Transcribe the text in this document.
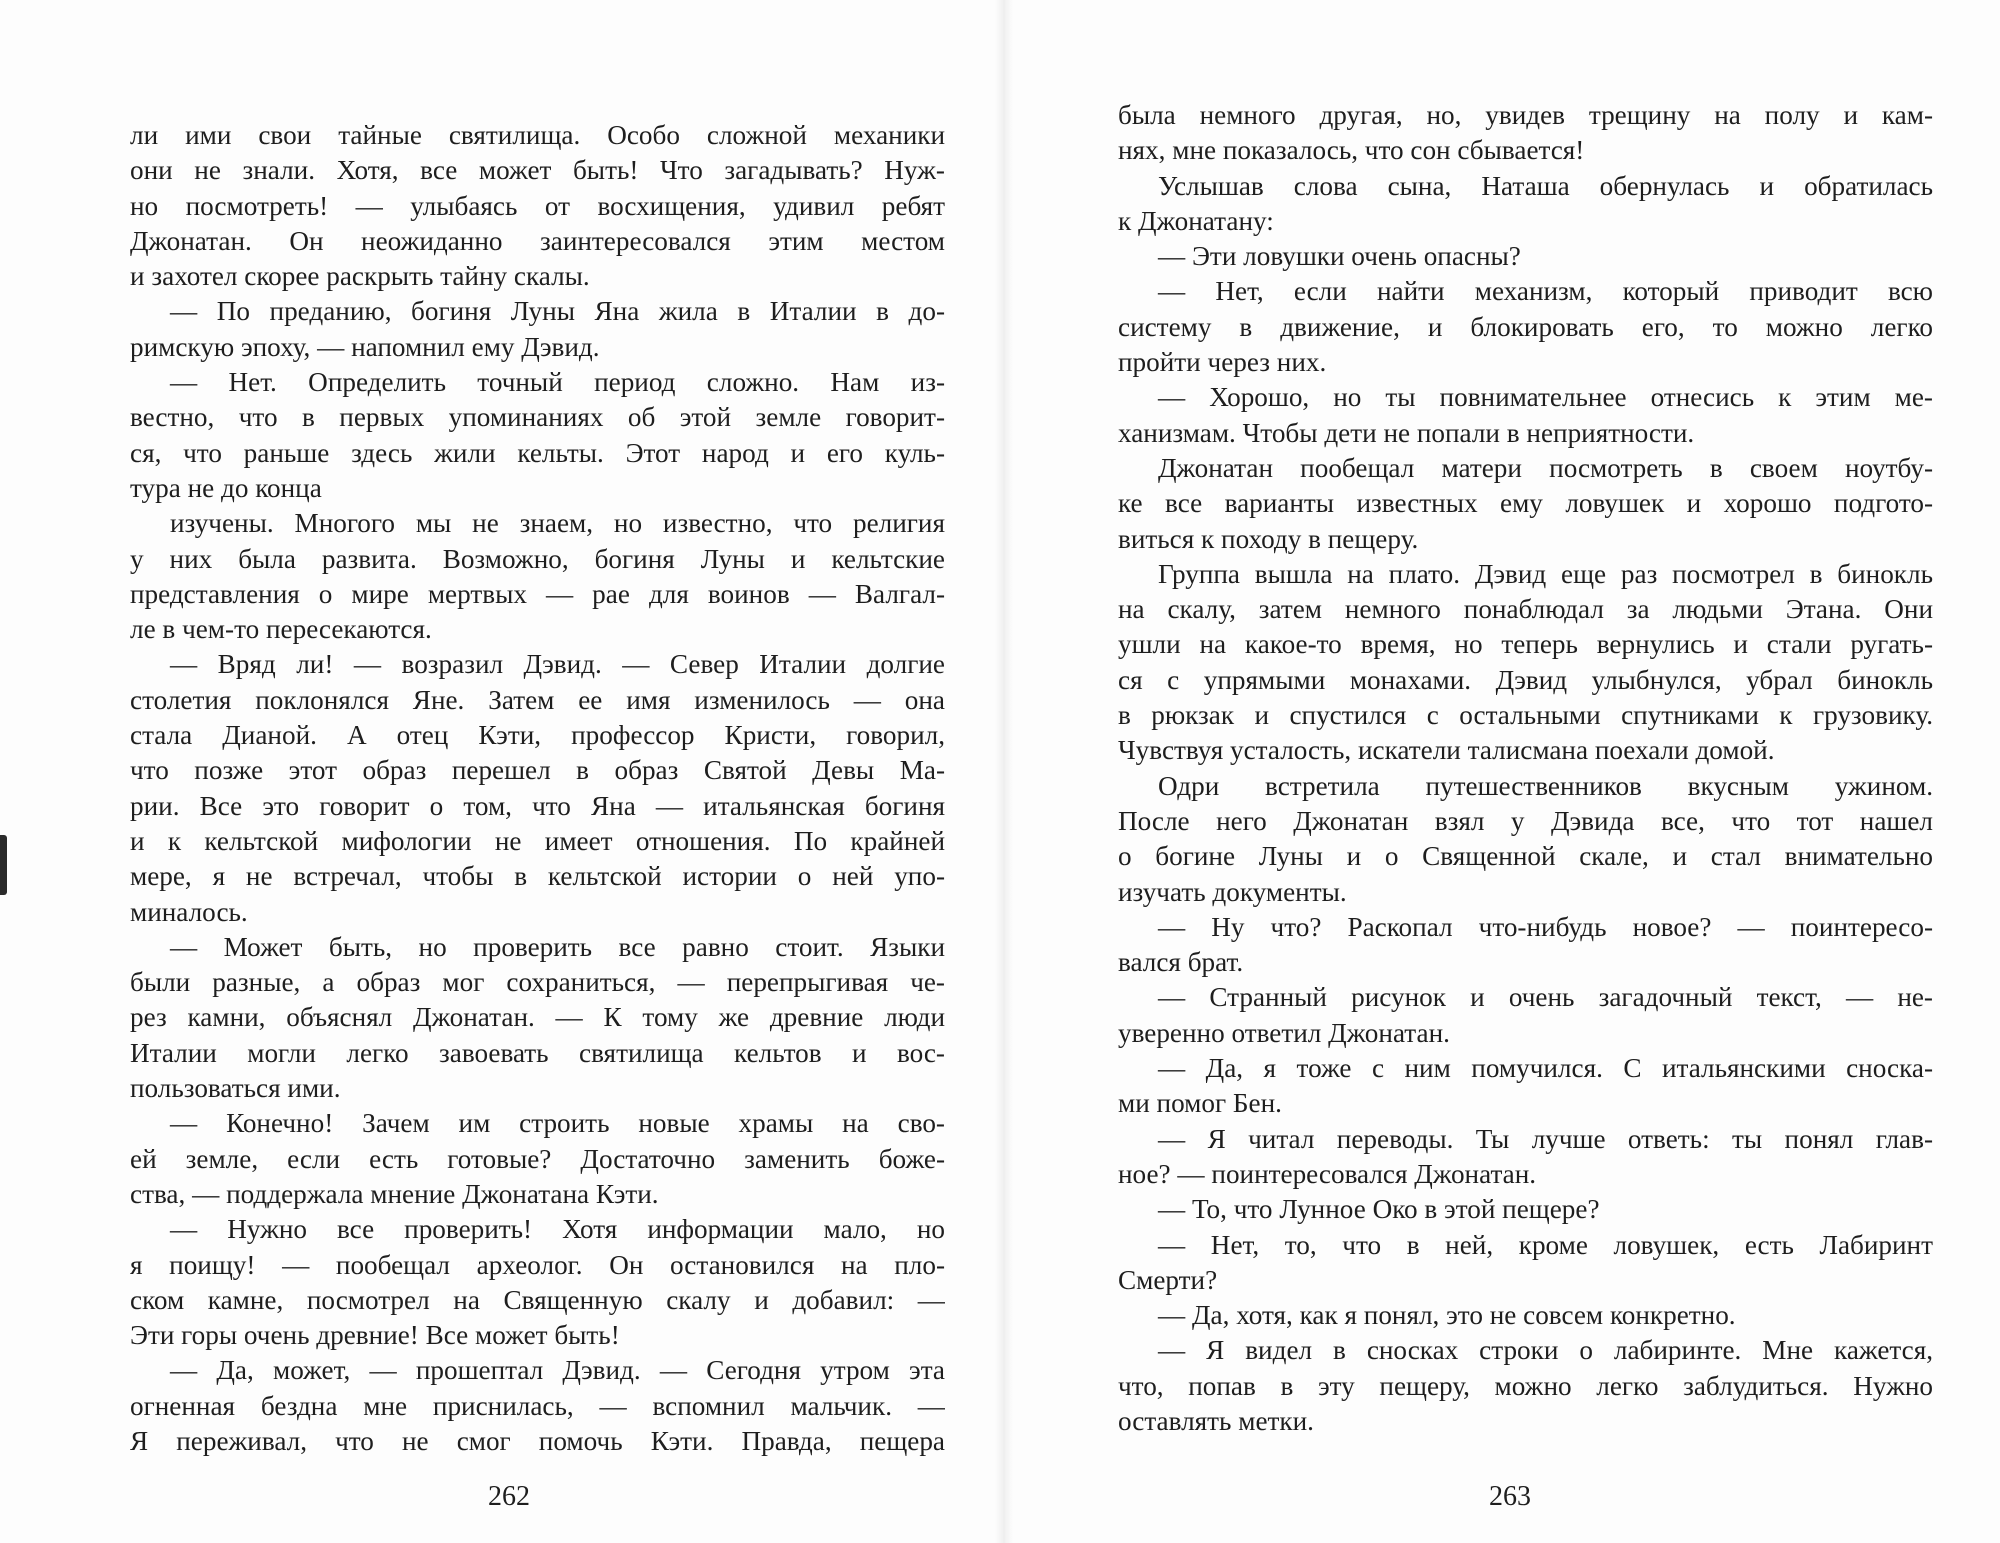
ли ими свои тайные святилища. Особо сложной механики
они не знали. Хотя, все может быть! Что загадывать? Нуж-
но посмотреть! — улыбаясь от восхищения, удивил ребят
Джонатан. Он неожиданно заинтересовался этим местом
и захотел скорее раскрыть тайну скалы.
— По преданию, богиня Луны Яна жила в Италии в до-
римскую эпоху, — напомнил ему Дэвид.
— Нет. Определить точный период сложно. Нам из-
вестно, что в первых упоминаниях об этой земле говорит-
ся, что раньше здесь жили кельты. Этот народ и его куль-
тура не до конца
изучены. Многого мы не знаем, но известно, что религия
у них была развита. Возможно, богиня Луны и кельтские
представления о мире мертвых — рае для воинов — Валгал-
ле в чем-то пересекаются.
— Вряд ли! — возразил Дэвид. — Север Италии долгие
столетия поклонялся Яне. Затем ее имя изменилось — она
стала Дианой. А отец Кэти, профессор Кристи, говорил,
что позже этот образ перешел в образ Святой Девы Ма-
рии. Все это говорит о том, что Яна — итальянская богиня
и к кельтской мифологии не имеет отношения. По крайней
мере, я не встречал, чтобы в кельтской истории о ней упо-
миналось.
— Может быть, но проверить все равно стоит. Языки
были разные, а образ мог сохраниться, — перепрыгивая че-
рез камни, объяснял Джонатан. — К тому же древние люди
Италии могли легко завоевать святилища кельтов и вос-
пользоваться ими.
— Конечно! Зачем им строить новые храмы на сво-
ей земле, если есть готовые? Достаточно заменить боже-
ства, — поддержала мнение Джонатана Кэти.
— Нужно все проверить! Хотя информации мало, но
я поищу! — пообещал археолог. Он остановился на пло-
ском камне, посмотрел на Священную скалу и добавил: —
Эти горы очень древние! Все может быть!
— Да, может, — прошептал Дэвид. — Сегодня утром эта
огненная бездна мне приснилась, — вспомнил мальчик. —
Я переживал, что не смог помочь Кэти. Правда, пещера
262
была немного другая, но, увидев трещину на полу и кам-
нях, мне показалось, что сон сбывается!
Услышав слова сына, Наташа обернулась и обратилась
к Джонатану:
— Эти ловушки очень опасны?
— Нет, если найти механизм, который приводит всю
систему в движение, и блокировать его, то можно легко
пройти через них.
— Хорошо, но ты повнимательнее отнесись к этим ме-
ханизмам. Чтобы дети не попали в неприятности.
Джонатан пообещал матери посмотреть в своем ноутбу-
ке все варианты известных ему ловушек и хорошо подгото-
виться к походу в пещеру.
Группа вышла на плато. Дэвид еще раз посмотрел в бинокль
на скалу, затем немного понаблюдал за людьми Этана. Они
ушли на какое-то время, но теперь вернулись и стали ругать-
ся с упрямыми монахами. Дэвид улыбнулся, убрал бинокль
в рюкзак и спустился с остальными спутниками к грузовику.
Чувствуя усталость, искатели талисмана поехали домой.
Одри встретила путешественников вкусным ужином.
После него Джонатан взял у Дэвида все, что тот нашел
о богине Луны и о Священной скале, и стал внимательно
изучать документы.
— Ну что? Раскопал что-нибудь новое? — поинтересо-
вался брат.
— Странный рисунок и очень загадочный текст, — не-
уверенно ответил Джонатан.
— Да, я тоже с ним помучился. С итальянскими сноска-
ми помог Бен.
— Я читал переводы. Ты лучше ответь: ты понял глав-
ное? — поинтересовался Джонатан.
— То, что Лунное Око в этой пещере?
— Нет, то, что в ней, кроме ловушек, есть Лабиринт
Смерти?
— Да, хотя, как я понял, это не совсем конкретно.
— Я видел в сносках строки о лабиринте. Мне кажется,
что, попав в эту пещеру, можно легко заблудиться. Нужно
оставлять метки.
263
